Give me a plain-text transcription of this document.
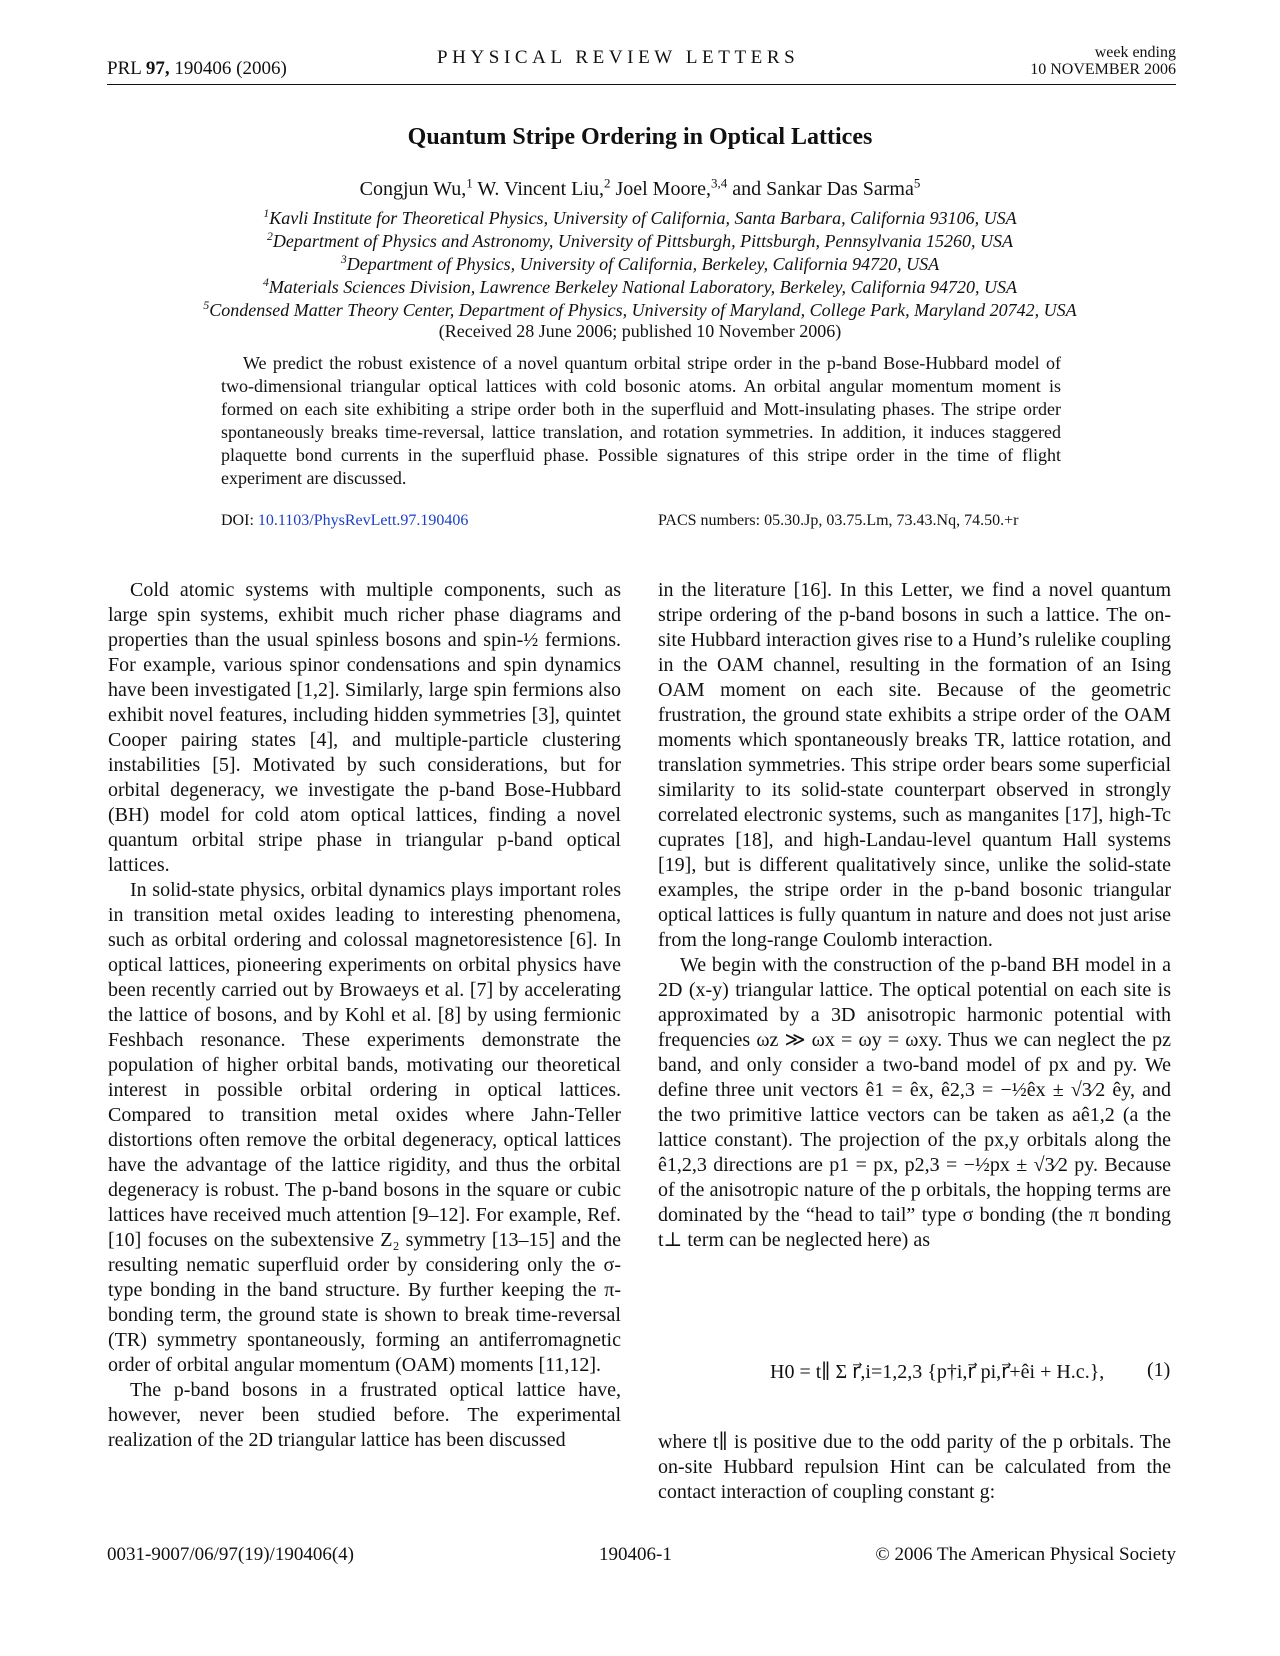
PRL 97, 190406 (2006)
PHYSICAL REVIEW LETTERS	week ending
10 NOVEMBER 2006
Quantum Stripe Ordering in Optical Lattices
Congjun Wu,$^1$ W. Vincent Liu,$^2$ Joel Moore,$^{3,4}$ and Sankar Das Sarma$^5$
$^1$Kavli Institute for Theoretical Physics, University of California, Santa Barbara, California 93106, USA
$^2$Department of Physics and Astronomy, University of Pittsburgh, Pittsburgh, Pennsylvania 15260, USA
$^3$Department of Physics, University of California, Berkeley, California 94720, USA
$^4$Materials Sciences Division, Lawrence Berkeley National Laboratory, Berkeley, California 94720, USA
$^5$Condensed Matter Theory Center, Department of Physics, University of Maryland, College Park, Maryland 20742, USA
(Received 28 June 2006; published 10 November 2006)
We predict the robust existence of a novel quantum orbital stripe order in the p-band Bose-Hubbard model of two-dimensional triangular optical lattices with cold bosonic atoms. An orbital angular momentum moment is formed on each site exhibiting a stripe order both in the superfluid and Mott-insulating phases. The stripe order spontaneously breaks time-reversal, lattice translation, and rotation symmetries. In addition, it induces staggered plaquette bond currents in the superfluid phase. Possible signatures of this stripe order in the time of flight experiment are discussed.
DOI: 10.1103/PhysRevLett.97.190406	PACS numbers: 05.30.Jp, 03.75.Lm, 73.43.Nq, 74.50.+r

Cold atomic systems with multiple components, such as large spin systems, exhibit much richer phase diagrams and properties than the usual spinless bosons and spin-½ fermions. For example, various spinor condensations and spin dynamics have been investigated [1,2]. Similarly, large spin fermions also exhibit novel features, including hidden symmetries [3], quintet Cooper pairing states [4], and multiple-particle clustering instabilities [5]. Motivated by such considerations, but for orbital degeneracy, we investigate the p-band Bose-Hubbard (BH) model for cold atom optical lattices, finding a novel quantum orbital stripe phase in triangular p-band optical lattices.

In solid-state physics, orbital dynamics plays important roles in transition metal oxides leading to interesting phenomena, such as orbital ordering and colossal magnetoresistence [6]. In optical lattices, pioneering experiments on orbital physics have been recently carried out by Browaeys et al. [7] by accelerating the lattice of bosons, and by Kohl et al. [8] by using fermionic Feshbach resonance. These experiments demonstrate the population of higher orbital bands, motivating our theoretical interest in possible orbital ordering in optical lattices. Compared to transition metal oxides where Jahn-Teller distortions often remove the orbital degeneracy, optical lattices have the advantage of the lattice rigidity, and thus the orbital degeneracy is robust. The p-band bosons in the square or cubic lattices have received much attention [9–12]. For example, Ref. [10] focuses on the subextensive Z₂ symmetry [13–15] and the resulting nematic superfluid order by considering only the σ-type bonding in the band structure. By further keeping the π-bonding term, the ground state is shown to break time-reversal (TR) symmetry spontaneously, forming an antiferromagnetic order of orbital angular momentum (OAM) moments [11,12].

The p-band bosons in a frustrated optical lattice have, however, never been studied before. The experimental realization of the 2D triangular lattice has been discussed

in the literature [16]. In this Letter, we find a novel quantum stripe ordering of the p-band bosons in such a lattice. The on-site Hubbard interaction gives rise to a Hund’s rulelike coupling in the OAM channel, resulting in the formation of an Ising OAM moment on each site. Because of the geometric frustration, the ground state exhibits a stripe order of the OAM moments which spontaneously breaks TR, lattice rotation, and translation symmetries. This stripe order bears some superficial similarity to its solid-state counterpart observed in strongly correlated electronic systems, such as manganites [17], high-Tc cuprates [18], and high-Landau-level quantum Hall systems [19], but is different qualitatively since, unlike the solid-state examples, the stripe order in the p-band bosonic triangular optical lattices is fully quantum in nature and does not just arise from the long-range Coulomb interaction.

We begin with the construction of the p-band BH model in a 2D (x-y) triangular lattice. The optical potential on each site is approximated by a 3D anisotropic harmonic potential with frequencies ωz ≫ ωx = ωy = ωxy. Thus we can neglect the pz band, and only consider a two-band model of px and py. We define three unit vectors ê1 = êx, ê2,3 = −½êx ± √3⁄2 êy, and the two primitive lattice vectors can be taken as aê1,2 (a the lattice constant). The projection of the px,y orbitals along the ê1,2,3 directions are p1 = px, p2,3 = −½px ± √3⁄2 py. Because of the anisotropic nature of the p orbitals, the hopping terms are dominated by the “head to tail” type σ bonding (the π bonding t⊥ term can be neglected here) as

H0 = t∥ Σ r⃗,i=1,2,3 {p†i,r⃗ pi,r⃗+êi + H.c.}, (1)

where t∥ is positive due to the odd parity of the p orbitals. The on-site Hubbard repulsion Hint can be calculated from the contact interaction of coupling constant g:

0031-9007/06/97(19)/190406(4)	190406-1	© 2006 The American Physical Society
